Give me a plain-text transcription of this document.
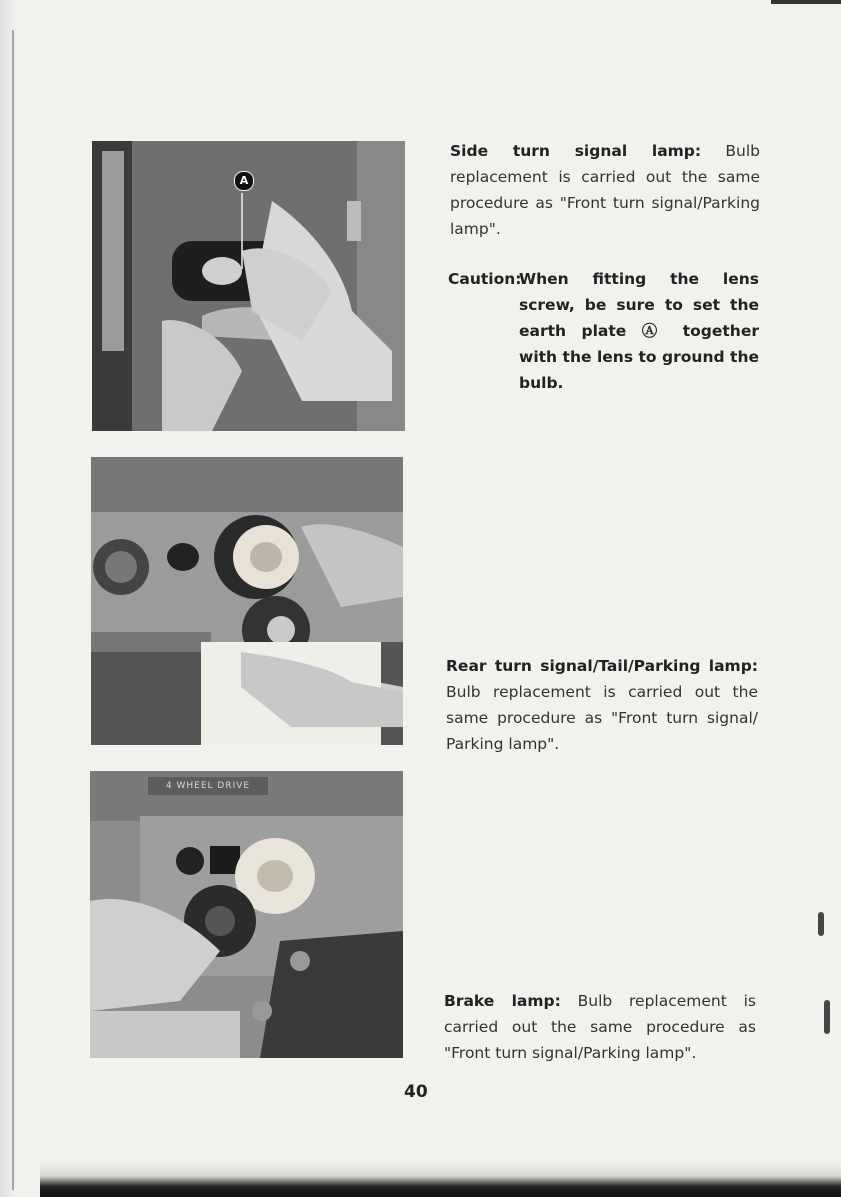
A
4 WHEEL DRIVE

Side turn signal lamp: Bulb replacement is carried out the same procedure as "Front turn signal/Parking lamp".

Caution:
When fitting the lens screw, be sure to set the earth plate Ⓐ together with the lens to ground the bulb.

Rear turn signal/Tail/Parking lamp: Bulb replacement is carried out the same procedure as "Front turn signal/ Parking lamp".

Brake lamp: Bulb replacement is carried out the same procedure as "Front turn signal/Parking lamp".

40
